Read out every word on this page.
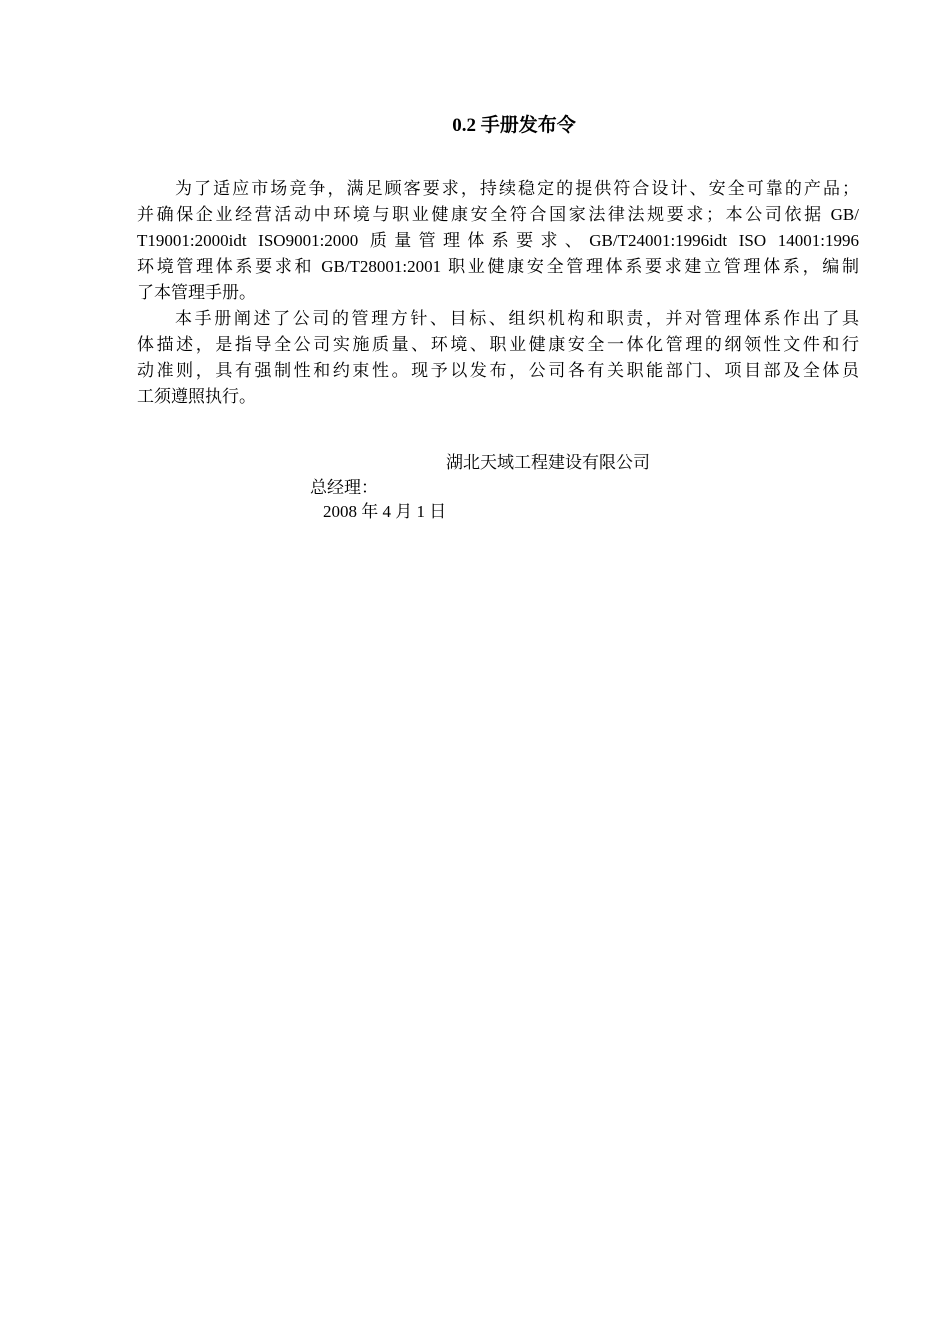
0.2 手册发布令

为了适应市场竞争，满足顾客要求，持续稳定的提供符合设计、安全可靠的产品；
并确保企业经营活动中环境与职业健康安全符合国家法律法规要求；本公司依据 GB/
T19001:2000idt ISO9001:2000 质量管理体系要求、GB/T24001:1996idt ISO 14001:1996
环境管理体系要求和 GB/T28001:2001 职业健康安全管理体系要求建立管理体系，编制
了本管理手册。

本手册阐述了公司的管理方针、目标、组织机构和职责，并对管理体系作出了具
体描述，是指导全公司实施质量、环境、职业健康安全一体化管理的纲领性文件和行
动准则，具有强制性和约束性。现予以发布，公司各有关职能部门、项目部及全体员
工须遵照执行。

湖北天域工程建设有限公司
总经理：
2008 年 4 月 1 日
